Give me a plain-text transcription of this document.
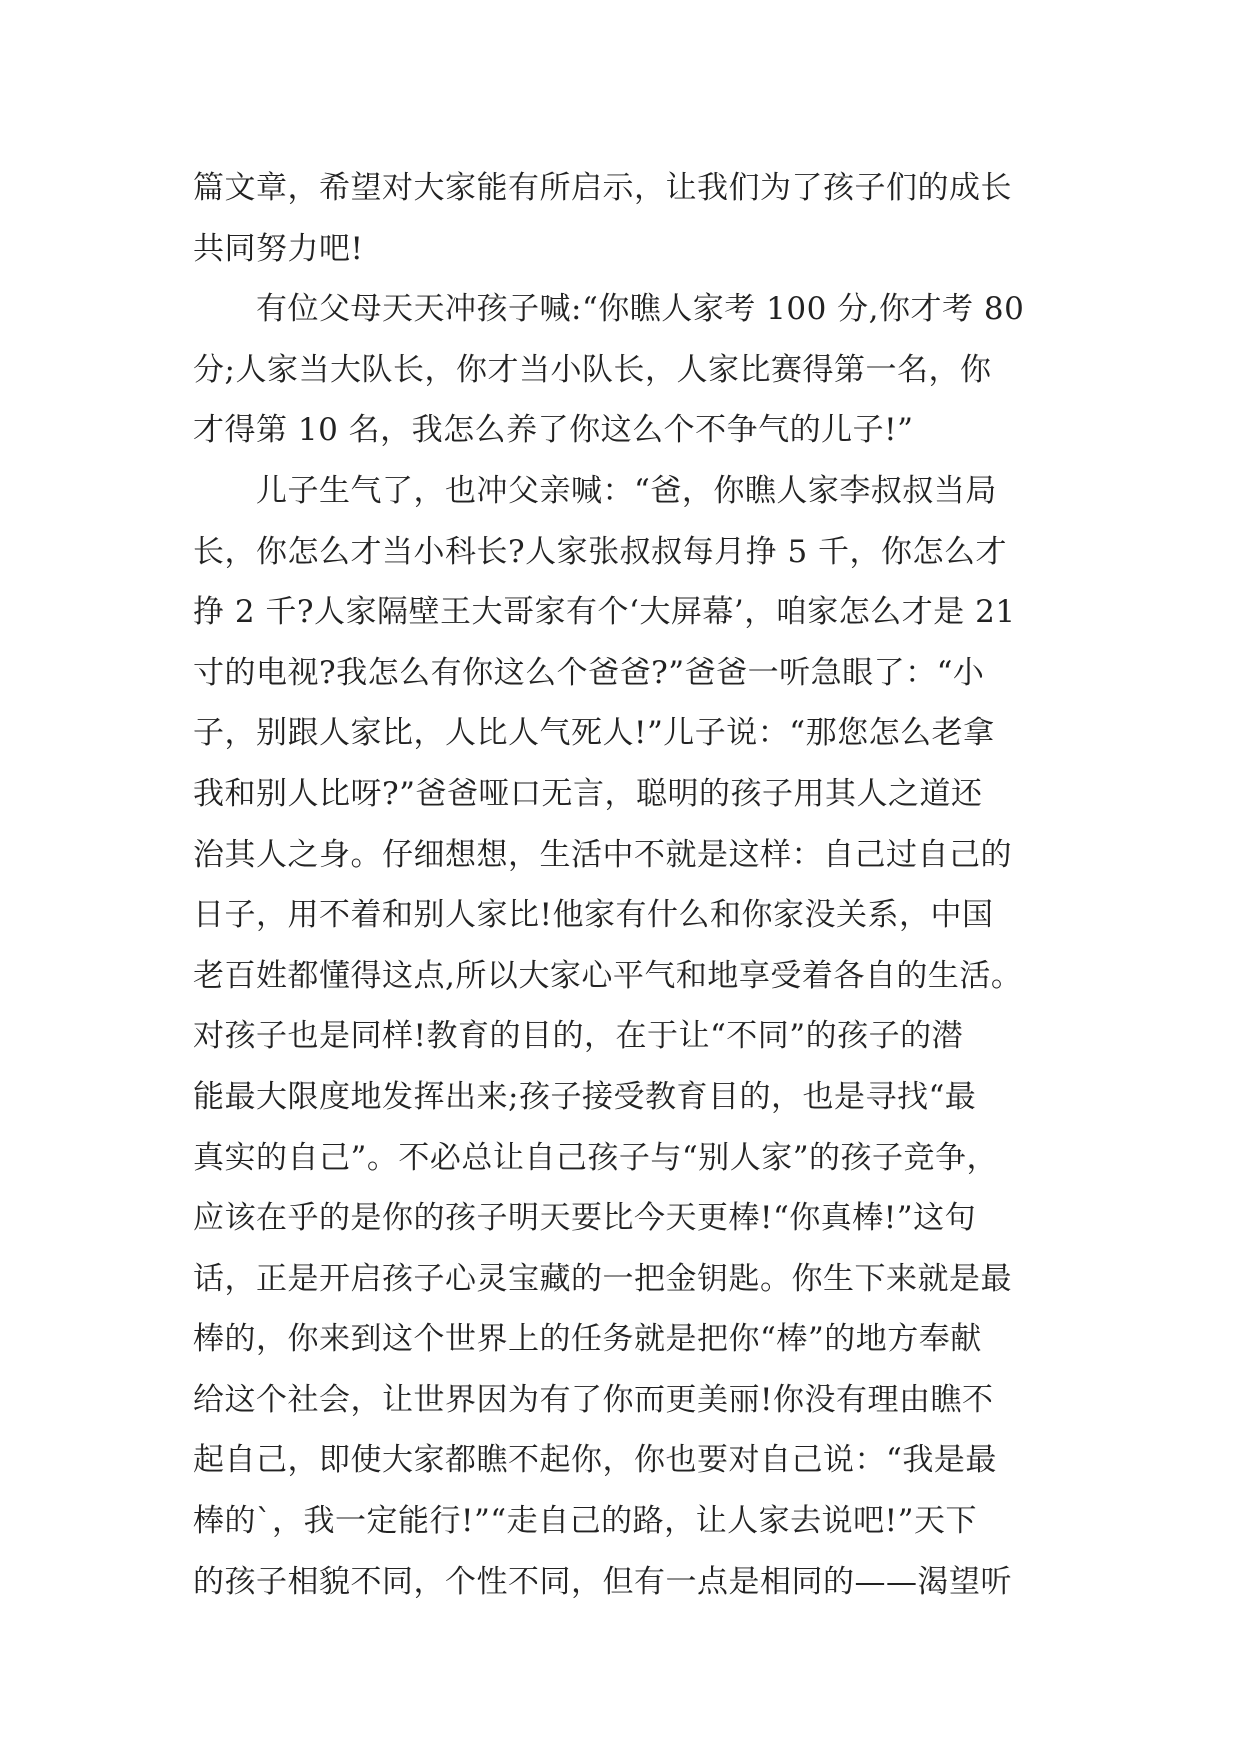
篇文章，希望对大家能有所启示，让我们为了孩子们的成长
共同努力吧!
　　有位父母天天冲孩子喊:“你瞧人家考 100 分,你才考 80
分;人家当大队长，你才当小队长，人家比赛得第一名，你
才得第 10 名，我怎么养了你这么个不争气的儿子!”
　　儿子生气了，也冲父亲喊：“爸，你瞧人家李叔叔当局
长，你怎么才当小科长?人家张叔叔每月挣 5 千，你怎么才
挣 2 千?人家隔壁王大哥家有个‘大屏幕’，咱家怎么才是 21
寸的电视?我怎么有你这么个爸爸?”爸爸一听急眼了：“小
子，别跟人家比，人比人气死人!”儿子说：“那您怎么老拿
我和别人比呀?”爸爸哑口无言，聪明的孩子用其人之道还
治其人之身。仔细想想，生活中不就是这样：自己过自己的
日子，用不着和别人家比!他家有什么和你家没关系，中国
老百姓都懂得这点,所以大家心平气和地享受着各自的生活。
对孩子也是同样!教育的目的，在于让“不同”的孩子的潜
能最大限度地发挥出来;孩子接受教育目的，也是寻找“最
真实的自己”。不必总让自己孩子与“别人家”的孩子竞争，
应该在乎的是你的孩子明天要比今天更棒!“你真棒!”这句
话，正是开启孩子心灵宝藏的一把金钥匙。你生下来就是最
棒的，你来到这个世界上的任务就是把你“棒”的地方奉献
给这个社会，让世界因为有了你而更美丽!你没有理由瞧不
起自己，即使大家都瞧不起你，你也要对自己说：“我是最
棒的`，我一定能行!”“走自己的路，让人家去说吧!”天下
的孩子相貌不同，个性不同，但有一点是相同的——渴望听
